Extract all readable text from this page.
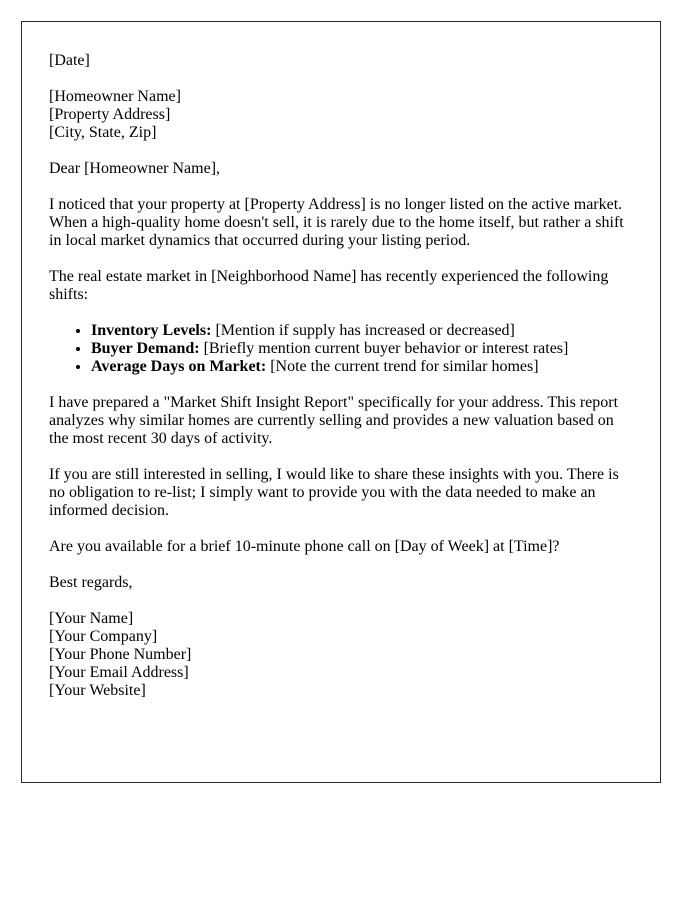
[Date]
[Homeowner Name]
[Property Address]
[City, State, Zip]
Dear [Homeowner Name],

I noticed that your property at [Property Address] is no longer listed on the active market. When a high-quality home doesn't sell, it is rarely due to the home itself, but rather a shift in local market dynamics that occurred during your listing period.

The real estate market in [Neighborhood Name] has recently experienced the following shifts:

• Inventory Levels: [Mention if supply has increased or decreased]
• Buyer Demand: [Briefly mention current buyer behavior or interest rates]
• Average Days on Market: [Note the current trend for similar homes]

I have prepared a "Market Shift Insight Report" specifically for your address. This report analyzes why similar homes are currently selling and provides a new valuation based on the most recent 30 days of activity.

If you are still interested in selling, I would like to share these insights with you. There is no obligation to re-list; I simply want to provide you with the data needed to make an informed decision.

Are you available for a brief 10-minute phone call on [Day of Week] at [Time]?

Best regards,
[Your Name]
[Your Company]
[Your Phone Number]
[Your Email Address]
[Your Website]
